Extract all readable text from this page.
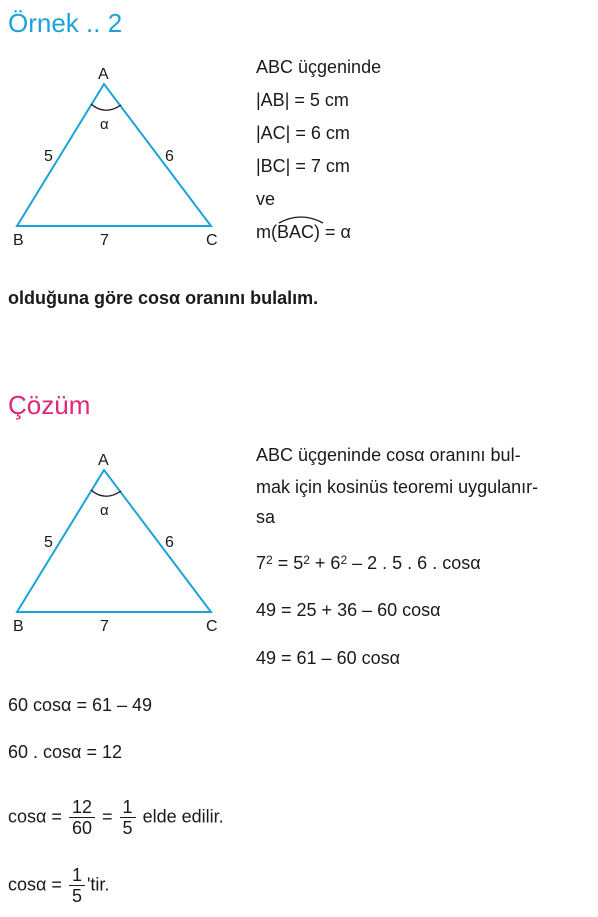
Örnek .. 2
A
B	C
α
5	6
7
ABC üçgeninde
|AB| = 5 cm
|AC| = 6 cm
|BC| = 7 cm
ve
m(
BAC) = α
olduğuna göre cosα oranını bulalım.
Çözüm
A
B	C
α
5	6
7
ABC üçgeninde cosα oranını bul-
mak için kosinüs teoremi uygulanır-
sa
$7^2 = 5^2 + 6^2 - 2$ . 5 . 6 . cosα
49 = 25 + 36 – 60 cosα
49 = 61 – 60 cosα
60 cosα = 61 – 49
60 . cosα = 12
$\cos\alpha = \frac{12}{60} = \frac{1}{5}$ elde edilir.
$\cos\alpha = \frac{1}{5}$ 'tir.
